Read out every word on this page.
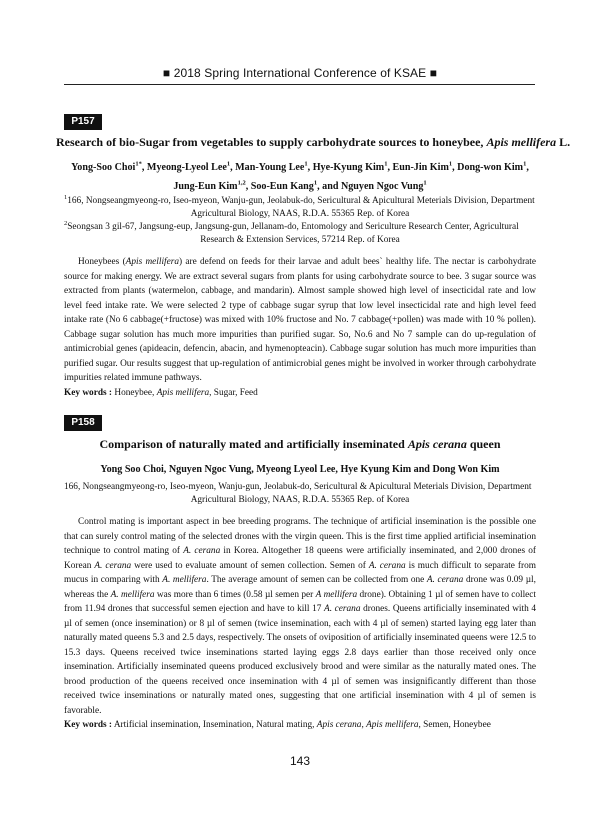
■ 2018 Spring International Conference of KSAE ■
P157
Research of bio-Sugar from vegetables to supply carbohydrate sources to honeybee, Apis mellifera L.
Yong-Soo Choi$^{1*}$, Myeong-Lyeol Lee$^1$, Man-Young Lee$^1$, Hye-Kyung Kim$^1$, Eun-Jin Kim$^1$, Dong-won Kim$^1$,
Jung-Eun Kim$^{1,2}$, Soo-Eun Kang$^1$, and Nguyen Ngoc Vung$^1$
$^1$166, Nongseangmyeong-ro, Iseo-myeon, Wanju-gun, Jeolabuk-do, Sericultural & Apicultural Meterials Division, Department
Agricultural Biology, NAAS, R.D.A. 55365 Rep. of Korea
$^2$Seongsan 3 gil-67, Jangsung-eup, Jangsung-gun, Jellanam-do, Entomology and Sericulture Research Center, Agricultural
Research & Extension Services, 57214 Rep. of Korea

Honeybees (Apis mellifera) are defend on feeds for their larvae and adult bees` healthy life. The nectar is carbohydrate source for making energy. We are extract several sugars from plants for using carbohydrate source to bee. 3 sugar source was extracted from plants (watermelon, cabbage, and mandarin). Almost sample showed high level of insecticidal rate and low level feed intake rate. We were selected 2 type of cabbage sugar syrup that low level insecticidal rate and high level feed intake rate (No 6 cabbage(+fructose) was mixed with 10% fructose and No. 7 cabbage(+pollen) was made with 10 % pollen). Cabbage sugar solution has much more impurities than purified sugar. So, No.6 and No 7 sample can do up-regulation of antimicrobial genes (apideacin, defencin, abacin, and hymenopteacin). Cabbage sugar solution has much more impurities than purified sugar. Our results suggest that up-regulation of antimicrobial genes might be involved in worker through carbohydrate impurities related immune pathways.

Key words : Honeybee, Apis mellifera, Sugar, Feed
P158
Comparison of naturally mated and artificially inseminated Apis cerana queen
Yong Soo Choi, Nguyen Ngoc Vung, Myeong Lyeol Lee, Hye Kyung Kim and Dong Won Kim
166, Nongseangmyeong-ro, Iseo-myeon, Wanju-gun, Jeolabuk-do, Sericultural & Apicultural Meterials Division, Department
Agricultural Biology, NAAS, R.D.A. 55365 Rep. of Korea

Control mating is important aspect in bee breeding programs. The technique of artificial insemination is the possible one that can surely control mating of the selected drones with the virgin queen. This is the first time applied artificial insemination technique to control mating of A. cerana in Korea. Altogether 18 queens were artificially inseminated, and 2,000 drones of Korean A. cerana were used to evaluate amount of semen collection. Semen of A. cerana is much difficult to separate from mucus in comparing with A. mellifera. The average amount of semen can be collected from one A. cerana drone was 0.09 µl, whereas the A. mellifera was more than 6 times (0.58 µl semen per A mellifera drone). Obtaining 1 µl of semen have to collect from 11.94 drones that successful semen ejection and have to kill 17 A. cerana drones. Queens artificially inseminated with 4 µl of semen (once insemination) or 8 µl of semen (twice insemination, each with 4 µl of semen) started laying egg later than naturally mated queens 5.3 and 2.5 days, respectively. The onsets of oviposition of artificially inseminated queens were 12.5 to 15.3 days. Queens received twice inseminations started laying eggs 2.8 days earlier than those received only once insemination. Artificially inseminated queens produced exclusively brood and were similar as the naturally mated ones. The brood production of the queens received once insemination with 4 µl of semen was insignificantly different than those received twice inseminations or naturally mated ones, suggesting that one artificial insemination with 4 µl of semen is favorable.

Key words : Artificial insemination, Insemination, Natural mating, Apis cerana, Apis mellifera, Semen, Honeybee
143
